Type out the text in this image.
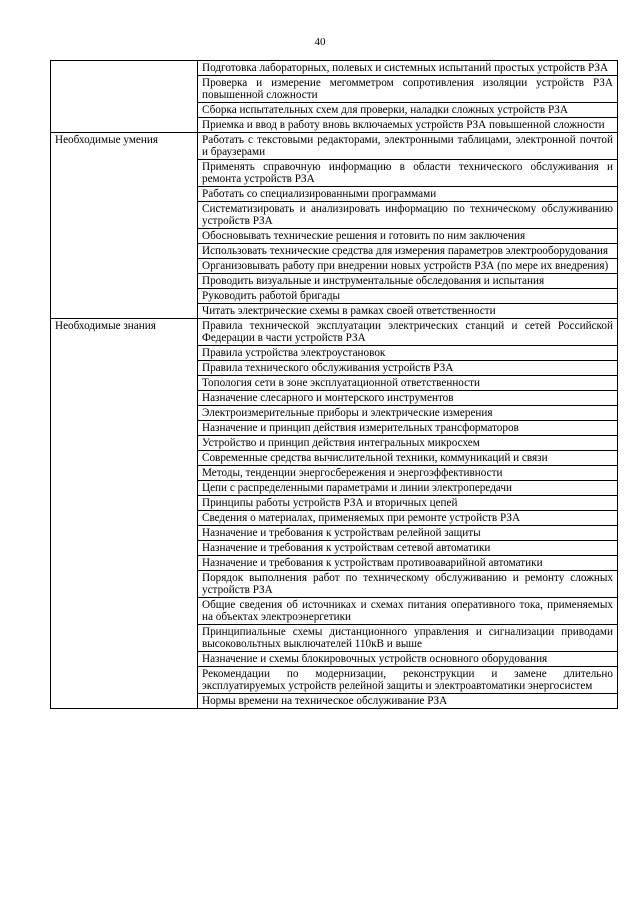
40
	Подготовка лабораторных, полевых и системных испытаний простых устройств РЗА
	Проверка и измерение мегомметром сопротивления изоляции устройств РЗА повышенной сложности
	Сборка испытательных схем для проверки, наладки сложных устройств РЗА
	Приемка и ввод в работу вновь включаемых устройств РЗА повышенной сложности
Необходимые умения	Работать с текстовыми редакторами, электронными таблицами, электронной почтой и браузерами
	Применять справочную информацию в области технического обслуживания и ремонта устройств РЗА
	Работать со специализированными программами
	Систематизировать и анализировать информацию по техническому обслуживанию устройств РЗА
	Обосновывать технические решения и готовить по ним заключения
	Использовать технические средства для измерения параметров электрооборудования
	Организовывать работу при внедрении новых устройств РЗА (по мере их внедрения)
	Проводить визуальные и инструментальные обследования и испытания
	Руководить работой бригады
	Читать электрические схемы в рамках своей ответственности
Необходимые знания	Правила технической эксплуатации электрических станций и сетей Российской Федерации в части устройств РЗА
	Правила устройства электроустановок
	Правила технического обслуживания устройств РЗА
	Топология сети в зоне эксплуатационной ответственности
	Назначение слесарного и монтерского инструментов
	Электроизмерительные приборы и электрические измерения
	Назначение и принцип действия измерительных трансформаторов
	Устройство и принцип действия интегральных микросхем
	Современные средства вычислительной техники, коммуникаций и связи
	Методы, тенденции энергосбережения и энергоэффективности
	Цепи с распределенными параметрами и линии электропередачи
	Принципы работы устройств РЗА и вторичных цепей
	Сведения о материалах, применяемых при ремонте устройств РЗА
	Назначение и требования к устройствам релейной защиты
	Назначение и требования к устройствам сетевой автоматики
	Назначение и требования к устройствам противоаварийной автоматики
	Порядок выполнения работ по техническому обслуживанию и ремонту сложных устройств РЗА
	Общие сведения об источниках и схемах питания оперативного тока, применяемых на объектах электроэнергетики
	Принципиальные схемы дистанционного управления и сигнализации приводами высоковольтных выключателей 110кВ и выше
	Назначение и схемы блокировочных устройств основного оборудования
	Рекомендации по модернизации, реконструкции и замене длительно эксплуатируемых устройств релейной защиты и электроавтоматики энергосистем
	Нормы времени на техническое обслуживание РЗА
